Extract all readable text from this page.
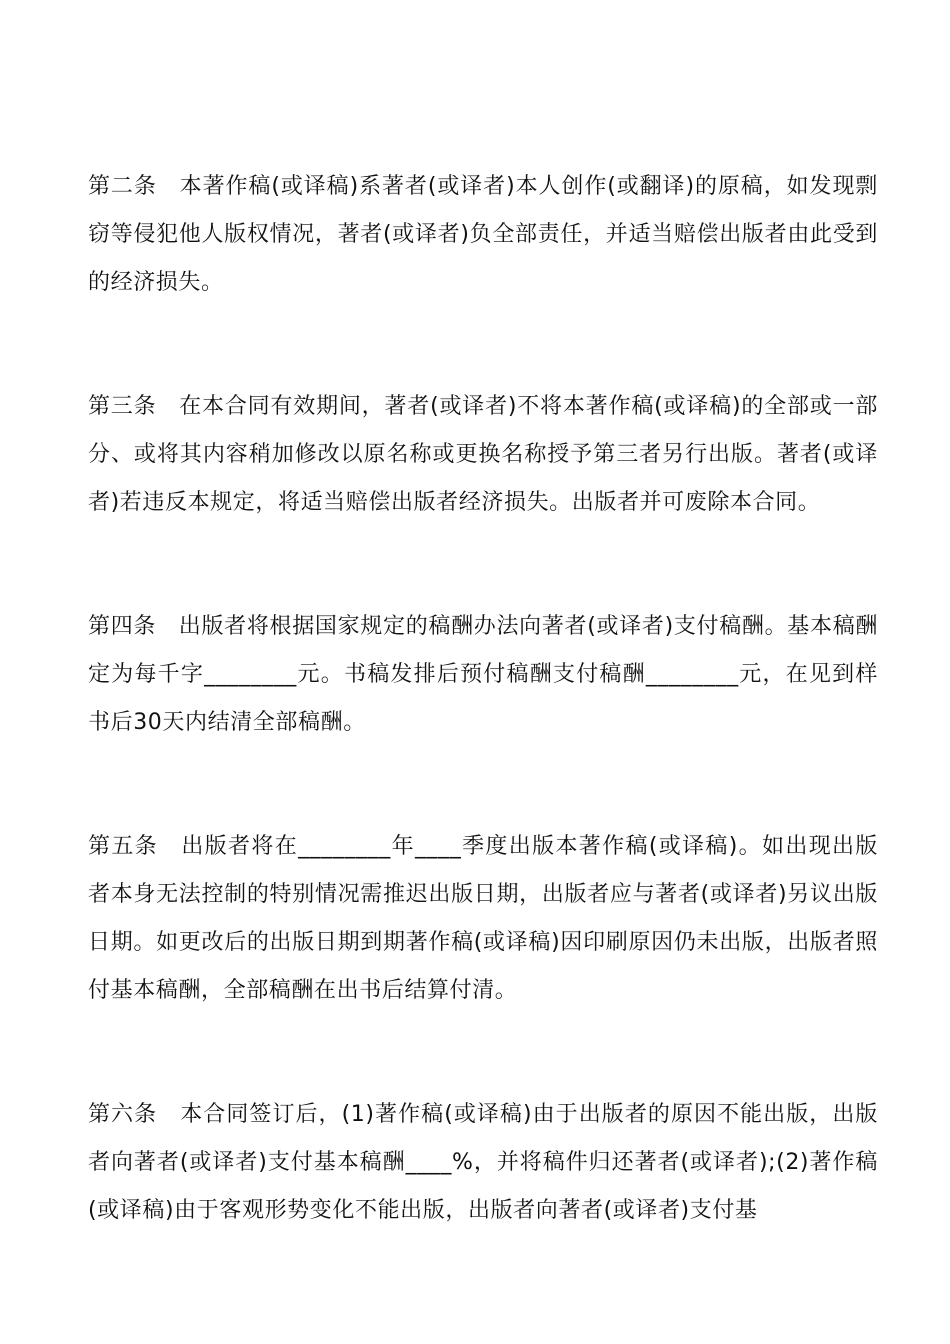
第二条　本著作稿(或译稿)系著者(或译者)本人创作(或翻译)的原稿，如发现剽窃等侵犯他人版权情况，著者(或译者)负全部责任，并适当赔偿出版者由此受到的经济损失。

第三条　在本合同有效期间，著者(或译者)不将本著作稿(或译稿)的全部或一部分、或将其内容稍加修改以原名称或更换名称授予第三者另行出版。著者(或译者)若违反本规定，将适当赔偿出版者经济损失。出版者并可废除本合同。

第四条　出版者将根据国家规定的稿酬办法向著者(或译者)支付稿酬。基本稿酬定为每千字________元。书稿发排后预付稿酬支付稿酬________元，在见到样书后30天内结清全部稿酬。

第五条　出版者将在________年____季度出版本著作稿(或译稿)。如出现出版者本身无法控制的特别情况需推迟出版日期，出版者应与著者(或译者)另议出版日期。如更改后的出版日期到期著作稿(或译稿)因印刷原因仍未出版，出版者照付基本稿酬，全部稿酬在出书后结算付清。

第六条　本合同签订后，(1)著作稿(或译稿)由于出版者的原因不能出版，出版者向著者(或译者)支付基本稿酬____%，并将稿件归还著者(或译者);(2)著作稿(或译稿)由于客观形势变化不能出版，出版者向著者(或译者)支付基
